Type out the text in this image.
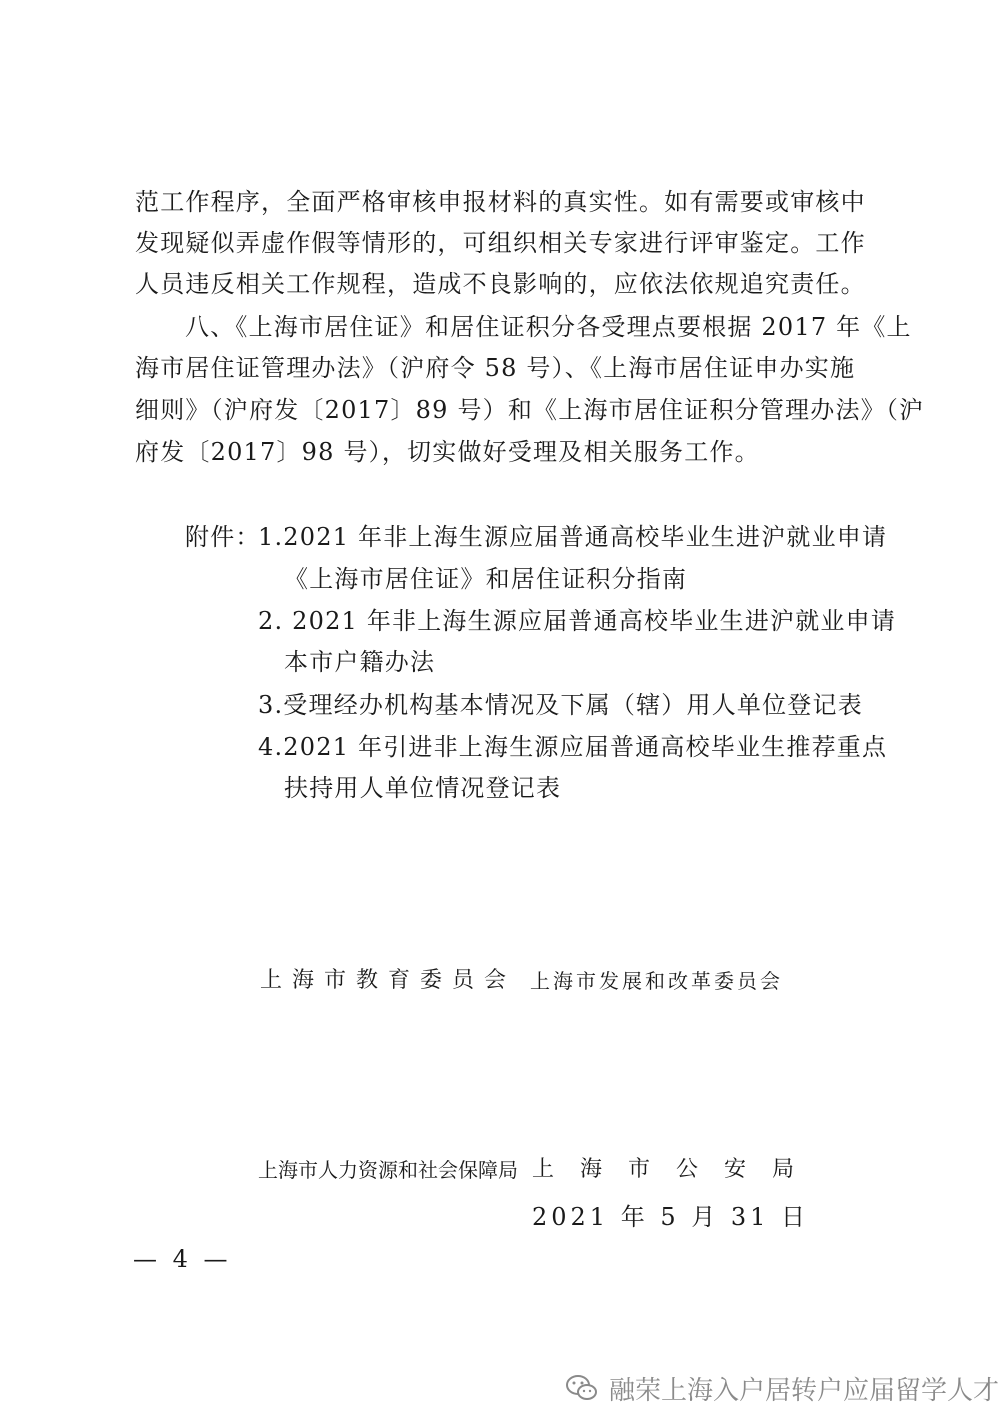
范工作程序，全面严格审核申报材料的真实性。如有需要或审核中
发现疑似弄虚作假等情形的，可组织相关专家进行评审鉴定。工作
人员违反相关工作规程，造成不良影响的，应依法依规追究责任。
八、《上海市居住证》和居住证积分各受理点要根据 2017 年《上
海市居住证管理办法》（沪府令 58 号）、《上海市居住证申办实施
细则》（沪府发〔2017〕89 号）和《上海市居住证积分管理办法》（沪
府发〔2017〕98 号），切实做好受理及相关服务工作。
附件：
1.2021 年非上海生源应届普通高校毕业生进沪就业申请
《上海市居住证》和居住证积分指南
2. 2021 年非上海生源应届普通高校毕业生进沪就业申请
本市户籍办法
3.受理经办机构基本情况及下属（辖）用人单位登记表
4.2021 年引进非上海生源应届普通高校毕业生推荐重点
扶持用人单位情况登记表
上海市教育委员会 上海市发展和改革委员会
上海市人力资源和社会保障局 上海市公安局
2021 年 5 月 31 日
— 4 —
融荣上海入户居转户应届留学人才
